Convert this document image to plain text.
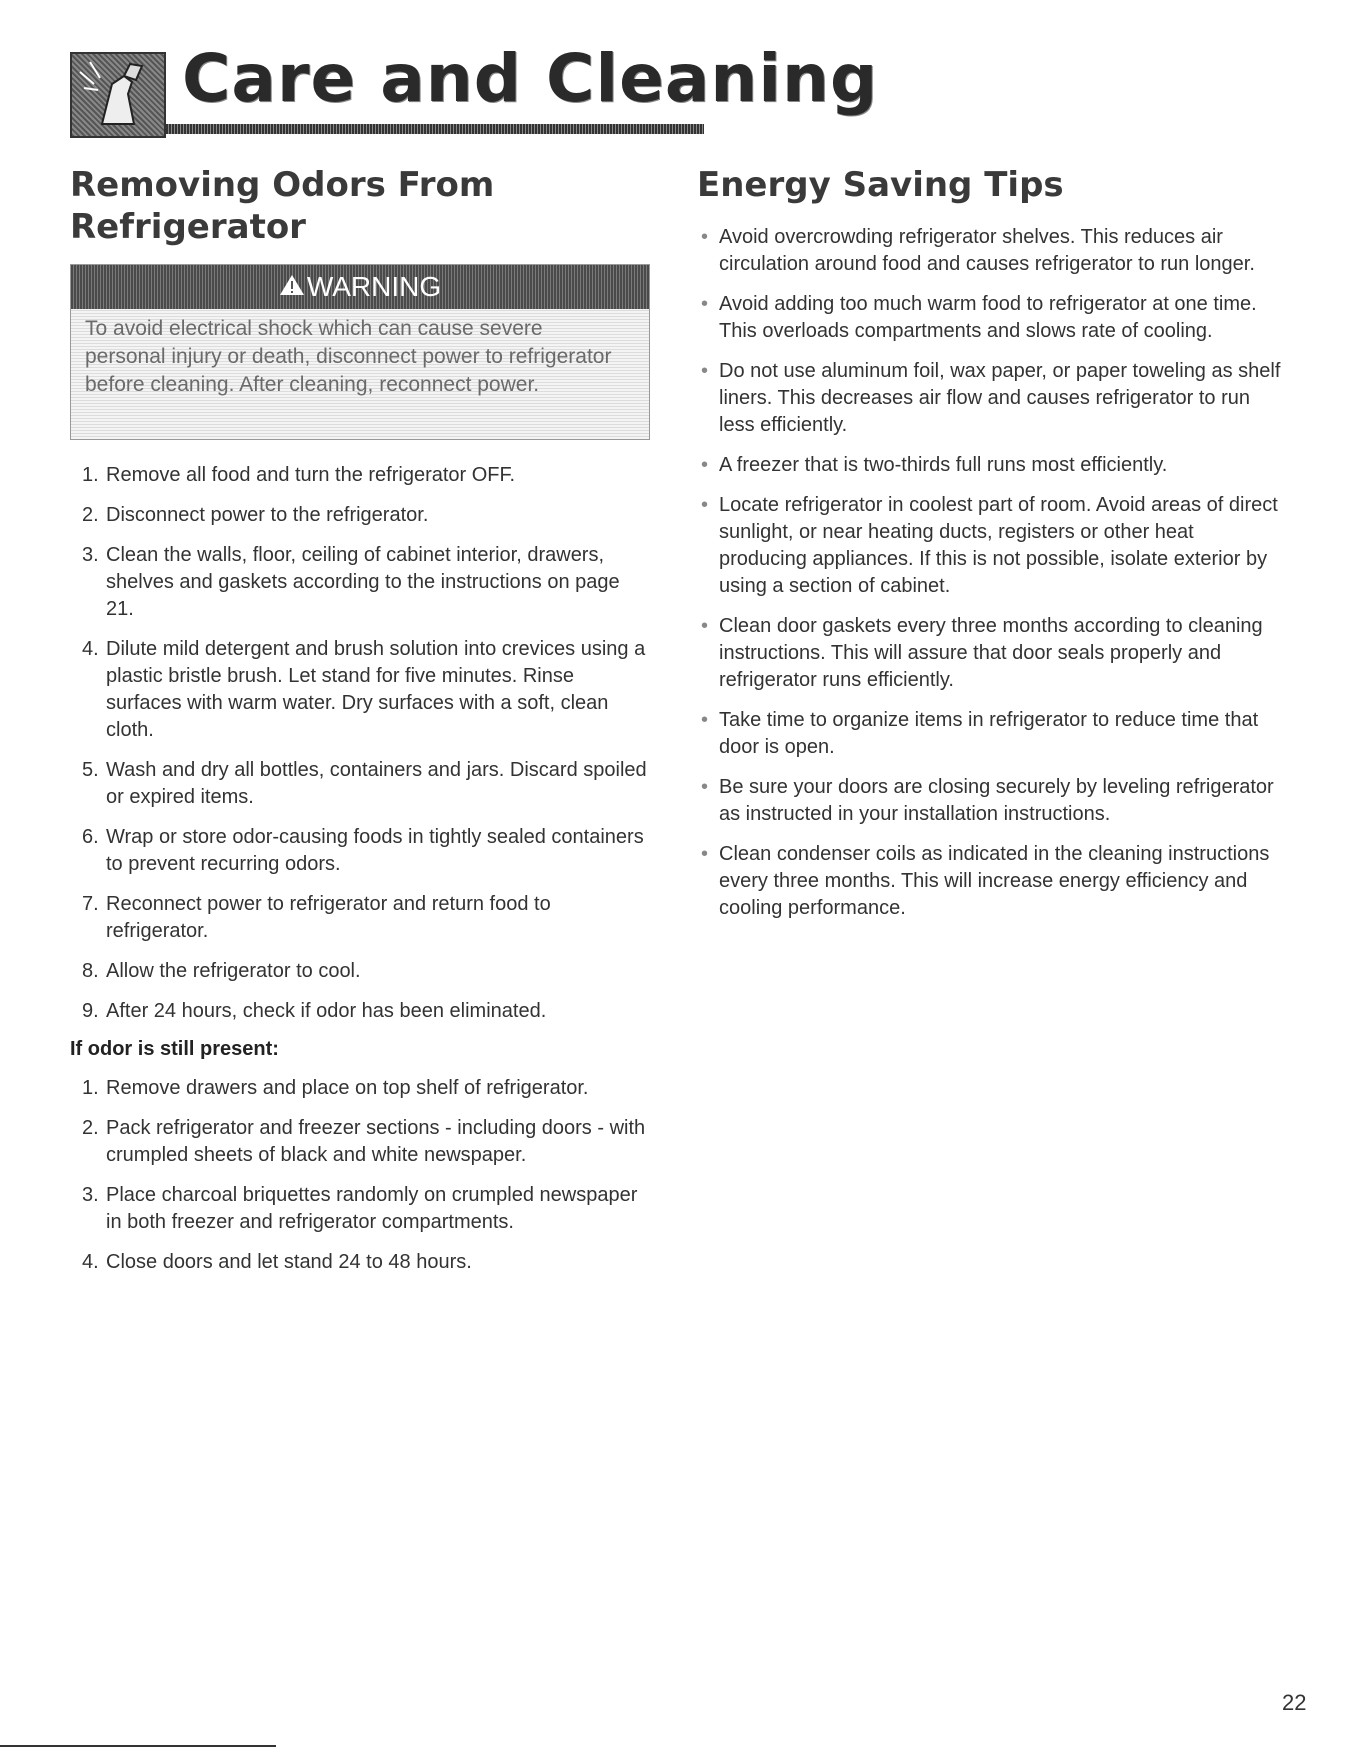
Care and Cleaning
Removing Odors From Refrigerator
WARNING
To avoid electrical shock which can cause severe personal injury or death, disconnect power to refrigerator before cleaning. After cleaning, reconnect power.
1. Remove all food and turn the refrigerator OFF.
2. Disconnect power to the refrigerator.
3. Clean the walls, floor, ceiling of cabinet interior, drawers, shelves and gaskets according to the instructions on page 21.
4. Dilute mild detergent and brush solution into crevices using a plastic bristle brush. Let stand for five minutes. Rinse surfaces with warm water. Dry surfaces with a soft, clean cloth.
5. Wash and dry all bottles, containers and jars. Discard spoiled or expired items.
6. Wrap or store odor-causing foods in tightly sealed containers to prevent recurring odors.
7. Reconnect power to refrigerator and return food to refrigerator.
8. Allow the refrigerator to cool.
9. After 24 hours, check if odor has been eliminated.
If odor is still present:
1. Remove drawers and place on top shelf of refrigerator.
2. Pack refrigerator and freezer sections - including doors - with crumpled sheets of black and white newspaper.
3. Place charcoal briquettes randomly on crumpled newspaper in both freezer and refrigerator compartments.
4. Close doors and let stand 24 to 48 hours.
Energy Saving Tips
• Avoid overcrowding refrigerator shelves. This reduces air circulation around food and causes refrigerator to run longer.
• Avoid adding too much warm food to refrigerator at one time. This overloads compartments and slows rate of cooling.
• Do not use aluminum foil, wax paper, or paper toweling as shelf liners. This decreases air flow and causes refrigerator to run less efficiently.
• A freezer that is two-thirds full runs most efficiently.
• Locate refrigerator in coolest part of room. Avoid areas of direct sunlight, or near heating ducts, registers or other heat producing appliances. If this is not possible, isolate exterior by using a section of cabinet.
• Clean door gaskets every three months according to cleaning instructions. This will assure that door seals properly and refrigerator runs efficiently.
• Take time to organize items in refrigerator to reduce time that door is open.
• Be sure your doors are closing securely by leveling refrigerator as instructed in your installation instructions.
• Clean condenser coils as indicated in the cleaning instructions every three months. This will increase energy efficiency and cooling performance.
22
